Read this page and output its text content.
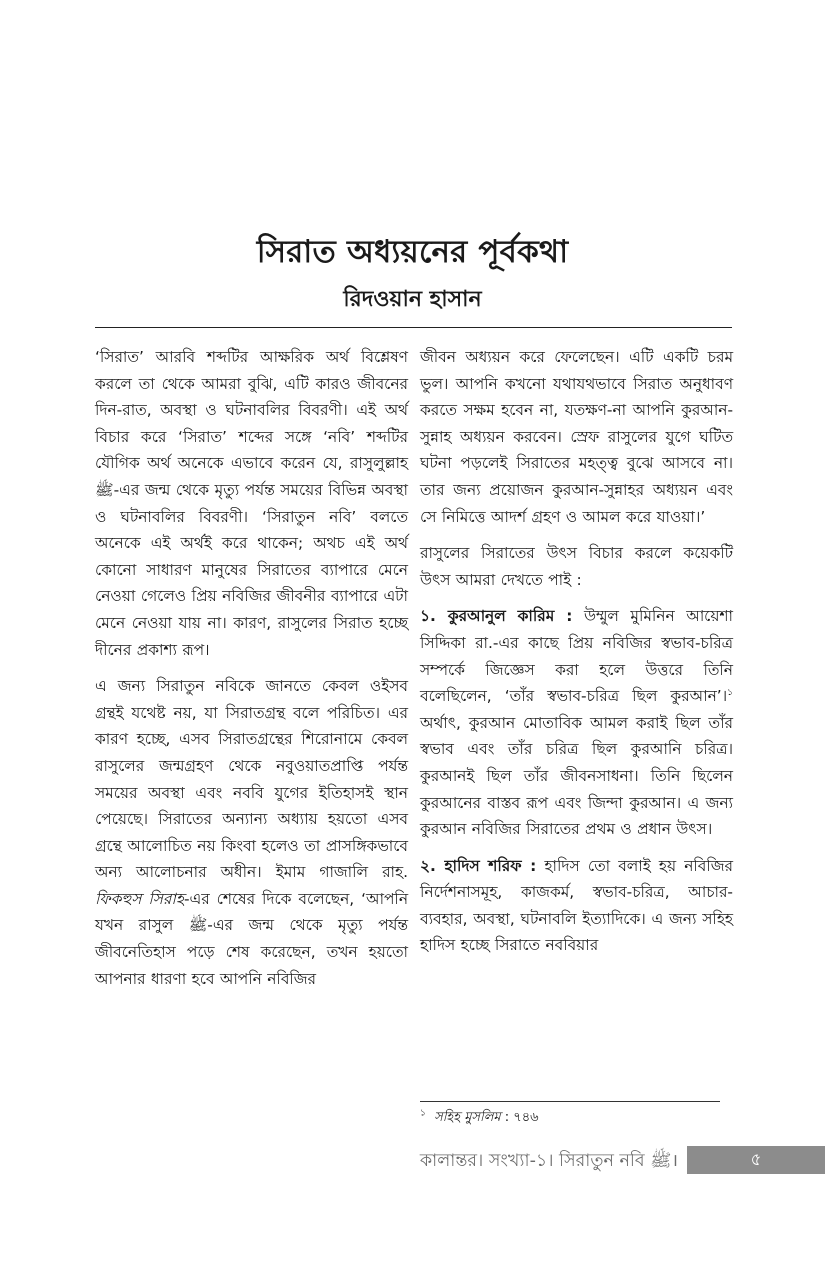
সিরাত অধ্যয়নের পূর্বকথা
রিদওয়ান হাসান

‘সিরাত’ আরবি শব্দটির আক্ষরিক অর্থ বিশ্লেষণ করলে তা থেকে আমরা বুঝি, এটি কারও জীবনের দিন-রাত, অবস্থা ও ঘটনাবলির বিবরণী। এই অর্থ বিচার করে ‘সিরাত’ শব্দের সঙ্গে ‘নবি’ শব্দটির যৌগিক অর্থ অনেকে এভাবে করেন যে, রাসুলুল্লাহ ﷺ-এর জন্ম থেকে মৃত্যু পর্যন্ত সময়ের বিভিন্ন অবস্থা ও ঘটনাবলির বিবরণী। ‘সিরাতুন নবি’ বলতে অনেকে এই অর্থই করে থাকেন; অথচ এই অর্থ কোনো সাধারণ মানুষের সিরাতের ব্যাপারে মেনে নেওয়া গেলেও প্রিয় নবিজির জীবনীর ব্যাপারে এটা মেনে নেওয়া যায় না। কারণ, রাসুলের সিরাত হচ্ছে দীনের প্রকাশ্য রূপ।

এ জন্য সিরাতুন নবিকে জানতে কেবল ওইসব গ্রন্থই যথেষ্ট নয়, যা সিরাতগ্রন্থ বলে পরিচিত। এর কারণ হচ্ছে, এসব সিরাতগ্রন্থের শিরোনামে কেবল রাসুলের জন্মগ্রহণ থেকে নবুওয়াতপ্রাপ্তি পর্যন্ত সময়ের অবস্থা এবং নববি যুগের ইতিহাসই স্থান পেয়েছে। সিরাতের অন্যান্য অধ্যায় হয়তো এসব গ্রন্থে আলোচিত নয় কিংবা হলেও তা প্রাসঙ্গিকভাবে অন্য আলোচনার অধীন। ইমাম গাজালি রাহ. ফিকহুস সিরাহ-এর শেষের দিকে বলেছেন, ‘আপনি যখন রাসুল ﷺ-এর জন্ম থেকে মৃত্যু পর্যন্ত জীবনেতিহাস পড়ে শেষ করেছেন, তখন হয়তো আপনার ধারণা হবে আপনি নবিজির

জীবন অধ্যয়ন করে ফেলেছেন। এটি একটি চরম ভুল। আপনি কখনো যথাযথভাবে সিরাত অনুধাবণ করতে সক্ষম হবেন না, যতক্ষণ-না আপনি কুরআন-সুন্নাহ অধ্যয়ন করবেন। স্রেফ রাসুলের যুগে ঘটিত ঘটনা পড়লেই সিরাতের মহত্ত্ব বুঝে আসবে না। তার জন্য প্রয়োজন কুরআন-সুন্নাহর অধ্যয়ন এবং সে নিমিত্তে আদর্শ গ্রহণ ও আমল করে যাওয়া।’

রাসুলের সিরাতের উৎস বিচার করলে কয়েকটি উৎস আমরা দেখতে পাই :

১. কুরআনুল কারিম : উম্মুল মুমিনিন আয়েশা সিদ্দিকা রা.-এর কাছে প্রিয় নবিজির স্বভাব-চরিত্র সম্পর্কে জিজ্ঞেস করা হলে উত্তরে তিনি বলেছিলেন, ‘তাঁর স্বভাব-চরিত্র ছিল কুরআন’।$^১$ অর্থাৎ, কুরআন মোতাবিক আমল করাই ছিল তাঁর স্বভাব এবং তাঁর চরিত্র ছিল কুরআনি চরিত্র। কুরআনই ছিল তাঁর জীবনসাধনা। তিনি ছিলেন কুরআনের বাস্তব রূপ এবং জিন্দা কুরআন। এ জন্য কুরআন নবিজির সিরাতের প্রথম ও প্রধান উৎস।

২. হাদিস শরিফ : হাদিস তো বলাই হয় নবিজির নির্দেশনাসমূহ, কাজকর্ম, স্বভাব-চরিত্র, আচার-ব্যবহার, অবস্থা, ঘটনাবলি ইত্যাদিকে। এ জন্য সহিহ হাদিস হচ্ছে সিরাতে নববিয়ার

$^১$ সহিহ মুসলিম : ৭৪৬
কালান্তর। সংখ্যা-১। সিরাতুন নবি ﷺ।	৫
